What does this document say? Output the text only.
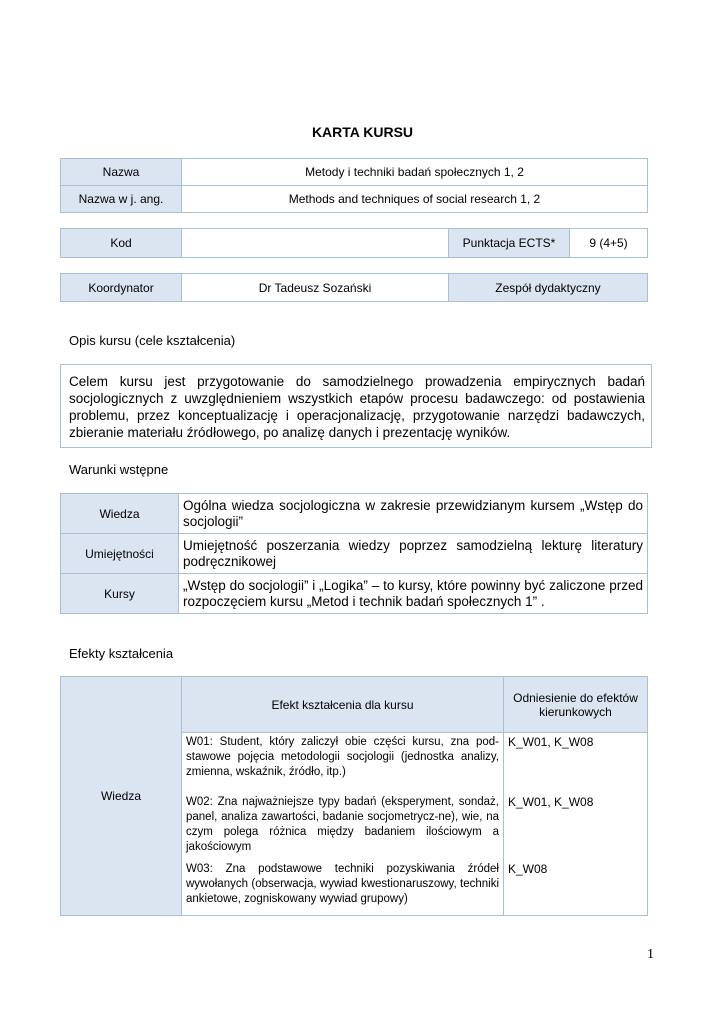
KARTA KURSU
Nazwa	Metody i techniki badań społecznych 1, 2
Nazwa w j. ang.	Methods and techniques of social research 1, 2
Kod		Punktacja ECTS*	9 (4+5)
Koordynator	Dr Tadeusz Sozański	Zespół dydaktyczny
Opis kursu (cele kształcenia)
Celem kursu jest przygotowanie do samodzielnego prowadzenia empirycznych badań socjologicznych z uwzględnieniem wszystkich etapów procesu badawczego: od postawienia problemu, przez konceptualizację i operacjonalizację, przygotowanie narzędzi badawczych, zbieranie materiału źródłowego, po analizę danych i prezentację wyników.
Warunki wstępne
Wiedza	Ogólna wiedza socjologiczna w zakresie przewidzianym kursem „Wstęp do socjologii”
Umiejętności	Umiejętność poszerzania wiedzy poprzez samodzielną lekturę literatury podręcznikowej
Kursy	„Wstęp do socjologii” i „Logika” – to kursy, które powinny być zaliczone przed rozpoczęciem kursu „Metod i technik badań społecznych 1” .
Efekty kształcenia
Wiedza	Efekt kształcenia dla kursu	Odniesienie do efektów kierunkowych
	W01: Student, który zaliczył obie części kursu, zna pod-stawowe pojęcia metodologii socjologii (jednostka analizy, zmienna, wskaźnik, źródło, itp.)	K_W01, K_W08
	W02: Zna najważniejsze typy badań (eksperyment, sondaż, panel, analiza zawartości, badanie socjometrycz-ne), wie, na czym polega różnica między badaniem ilościowym a jakościowym	K_W01, K_W08
	W03: Zna podstawowe techniki pozyskiwania źródeł wywołanych (obserwacja, wywiad kwestionaruszowy, techniki ankietowe, zogniskowany wywiad grupowy)	K_W08
1
